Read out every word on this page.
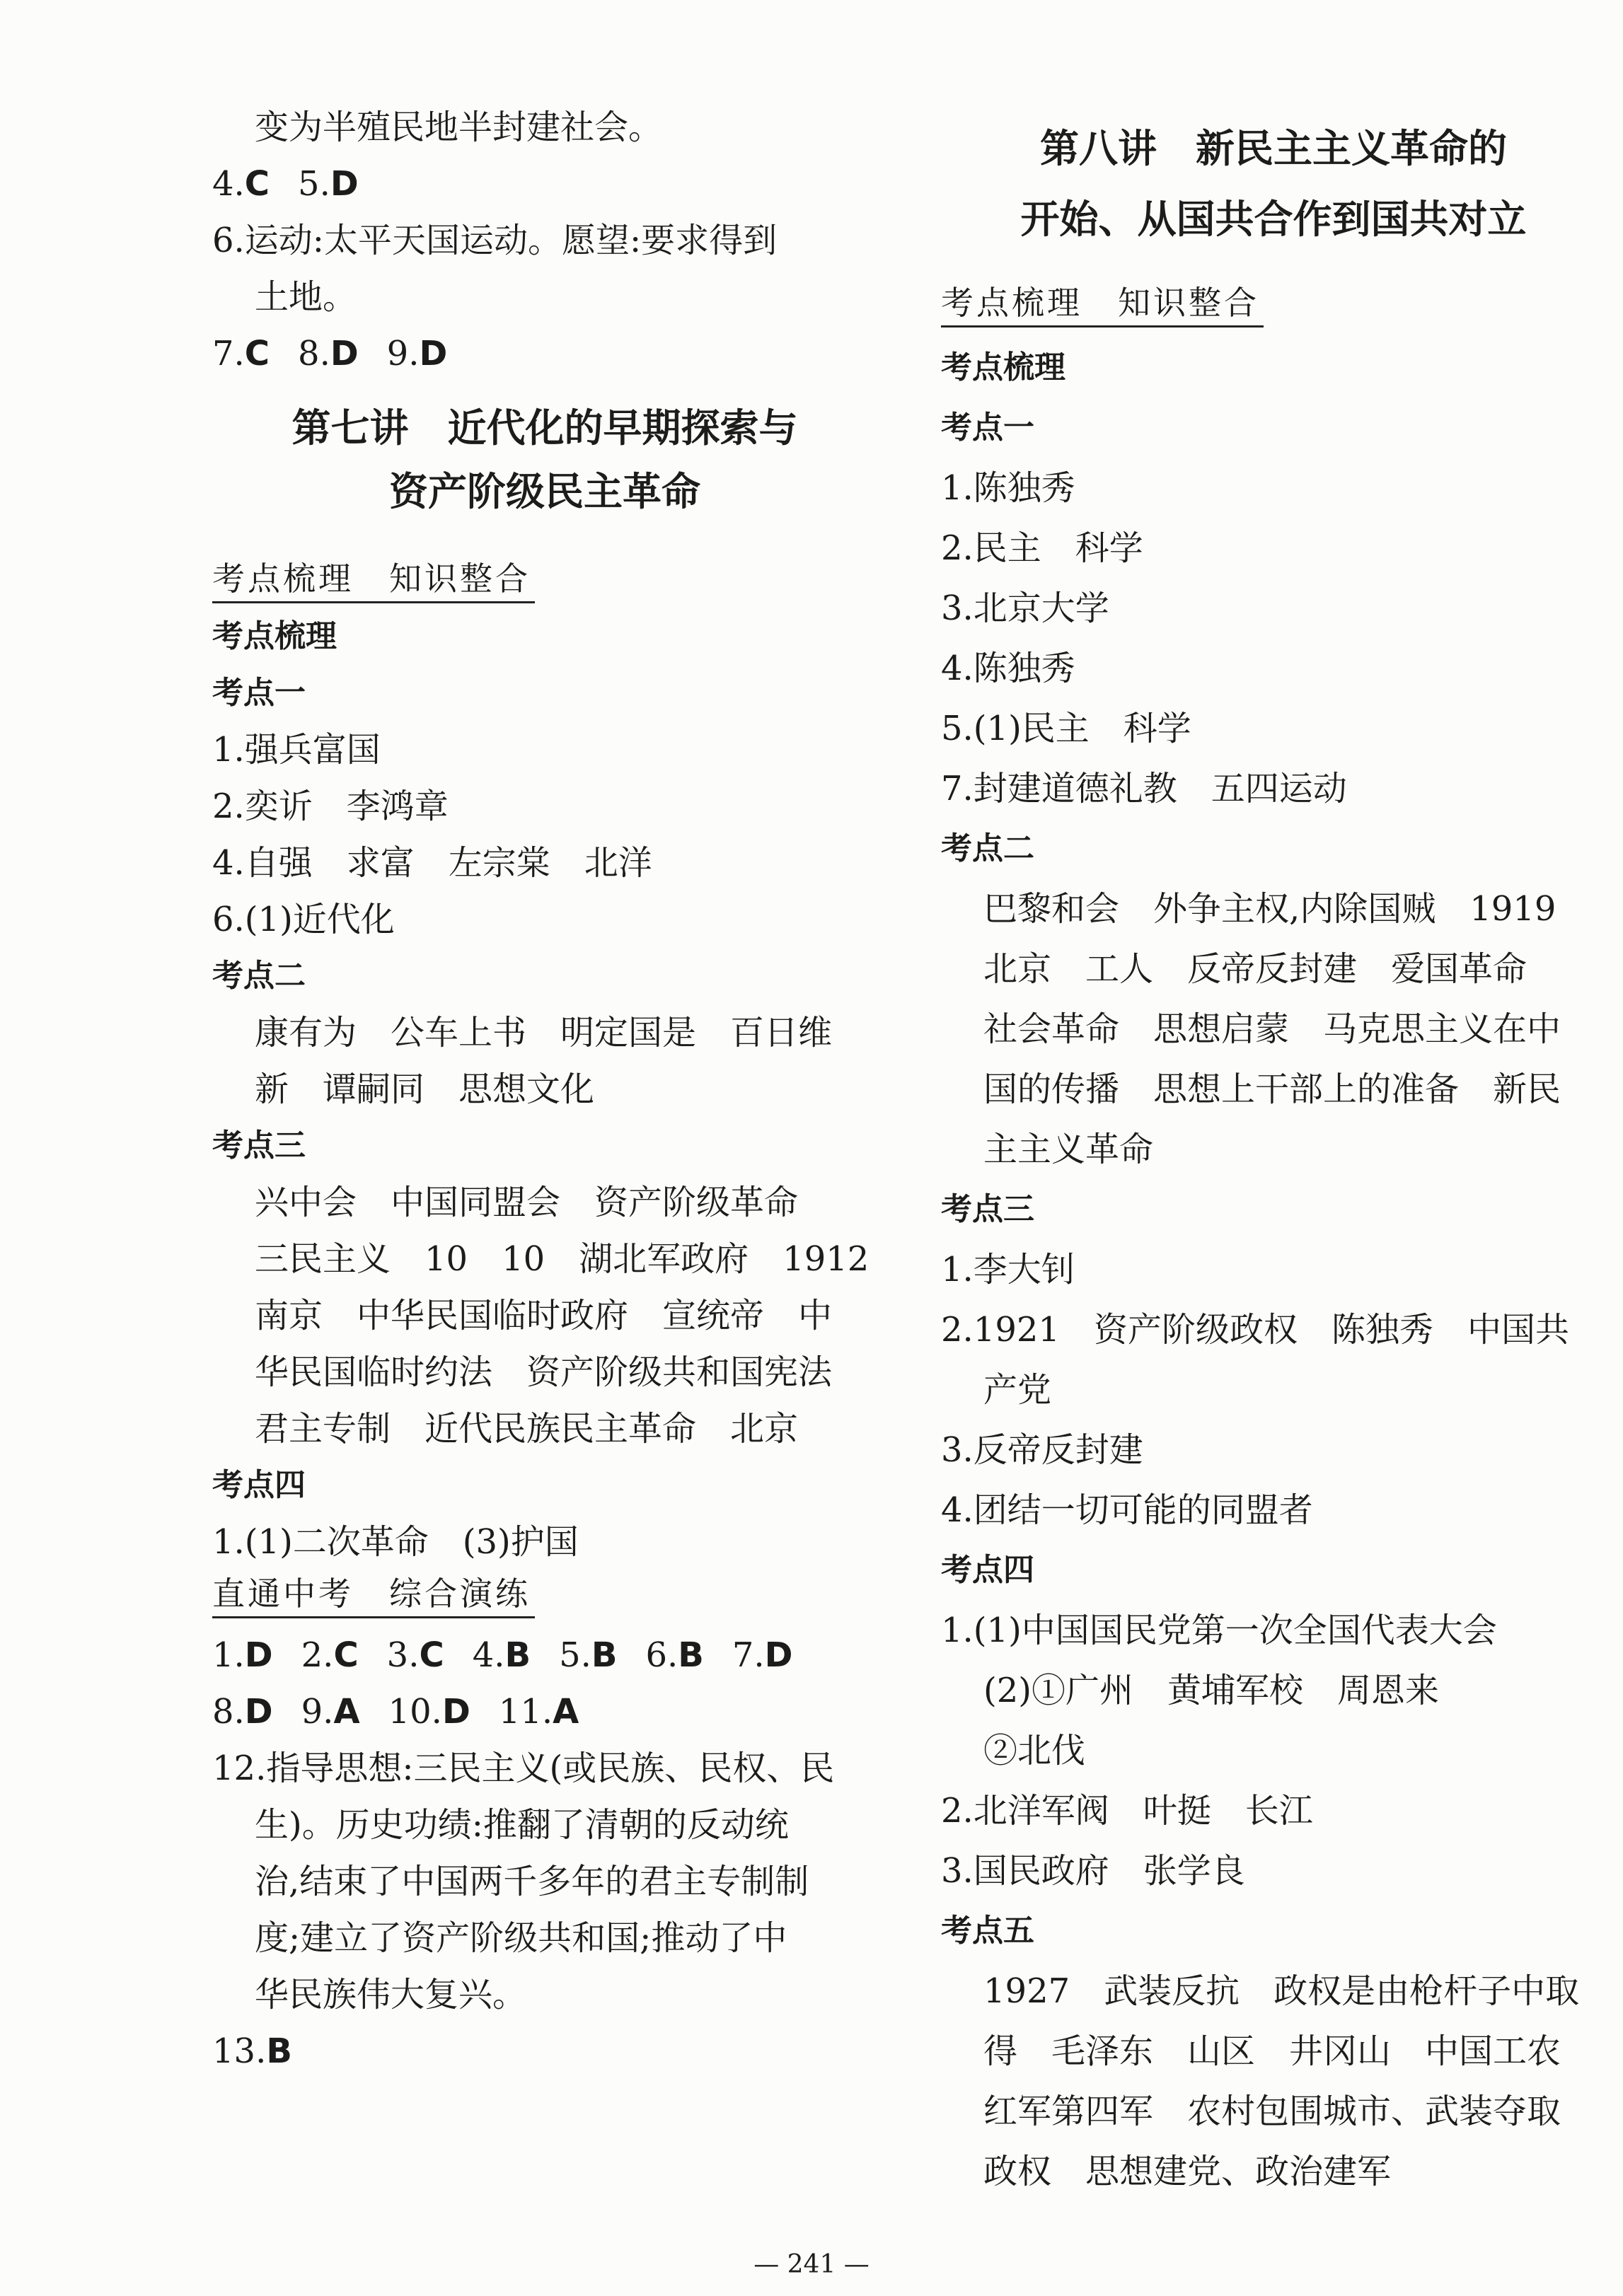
变为半殖民地半封建社会。
4.C 5.D
6.运动:太平天国运动。愿望:要求得到
土地。
7.C 8.D 9.D
第七讲　近代化的早期探索与
资产阶级民主革命
考点梳理　知识整合
考点梳理
考点一
1.强兵富国
2.奕䜣　李鸿章
4.自强　求富　左宗棠　北洋
6.(1)近代化
考点二
康有为　公车上书　明定国是　百日维
新　谭嗣同　思想文化
考点三
兴中会　中国同盟会　资产阶级革命
三民主义　10　10　湖北军政府　1912
南京　中华民国临时政府　宣统帝　中
华民国临时约法　资产阶级共和国宪法
君主专制　近代民族民主革命　北京
考点四
1.(1)二次革命　(3)护国
直通中考　综合演练
1.D 2.C 3.C 4.B 5.B 6.B 7.D
8.D 9.A 10.D 11.A
12.指导思想:三民主义(或民族、民权、民
生)。历史功绩:推翻了清朝的反动统
治,结束了中国两千多年的君主专制制
度;建立了资产阶级共和国;推动了中
华民族伟大复兴。
13.B
第八讲　新民主主义革命的
开始、从国共合作到国共对立
考点梳理　知识整合
考点梳理
考点一
1.陈独秀
2.民主　科学
3.北京大学
4.陈独秀
5.(1)民主　科学
7.封建道德礼教　五四运动
考点二
巴黎和会　外争主权,内除国贼　1919
北京　工人　反帝反封建　爱国革命
社会革命　思想启蒙　马克思主义在中
国的传播　思想上干部上的准备　新民
主主义革命
考点三
1.李大钊
2.1921　资产阶级政权　陈独秀　中国共
产党
3.反帝反封建
4.团结一切可能的同盟者
考点四
1.(1)中国国民党第一次全国代表大会
(2)①广州　黄埔军校　周恩来
②北伐
2.北洋军阀　叶挺　长江
3.国民政府　张学良
考点五
1927　武装反抗　政权是由枪杆子中取
得　毛泽东　山区　井冈山　中国工农
红军第四军　农村包围城市、武装夺取
政权　思想建党、政治建军
— 241 —
